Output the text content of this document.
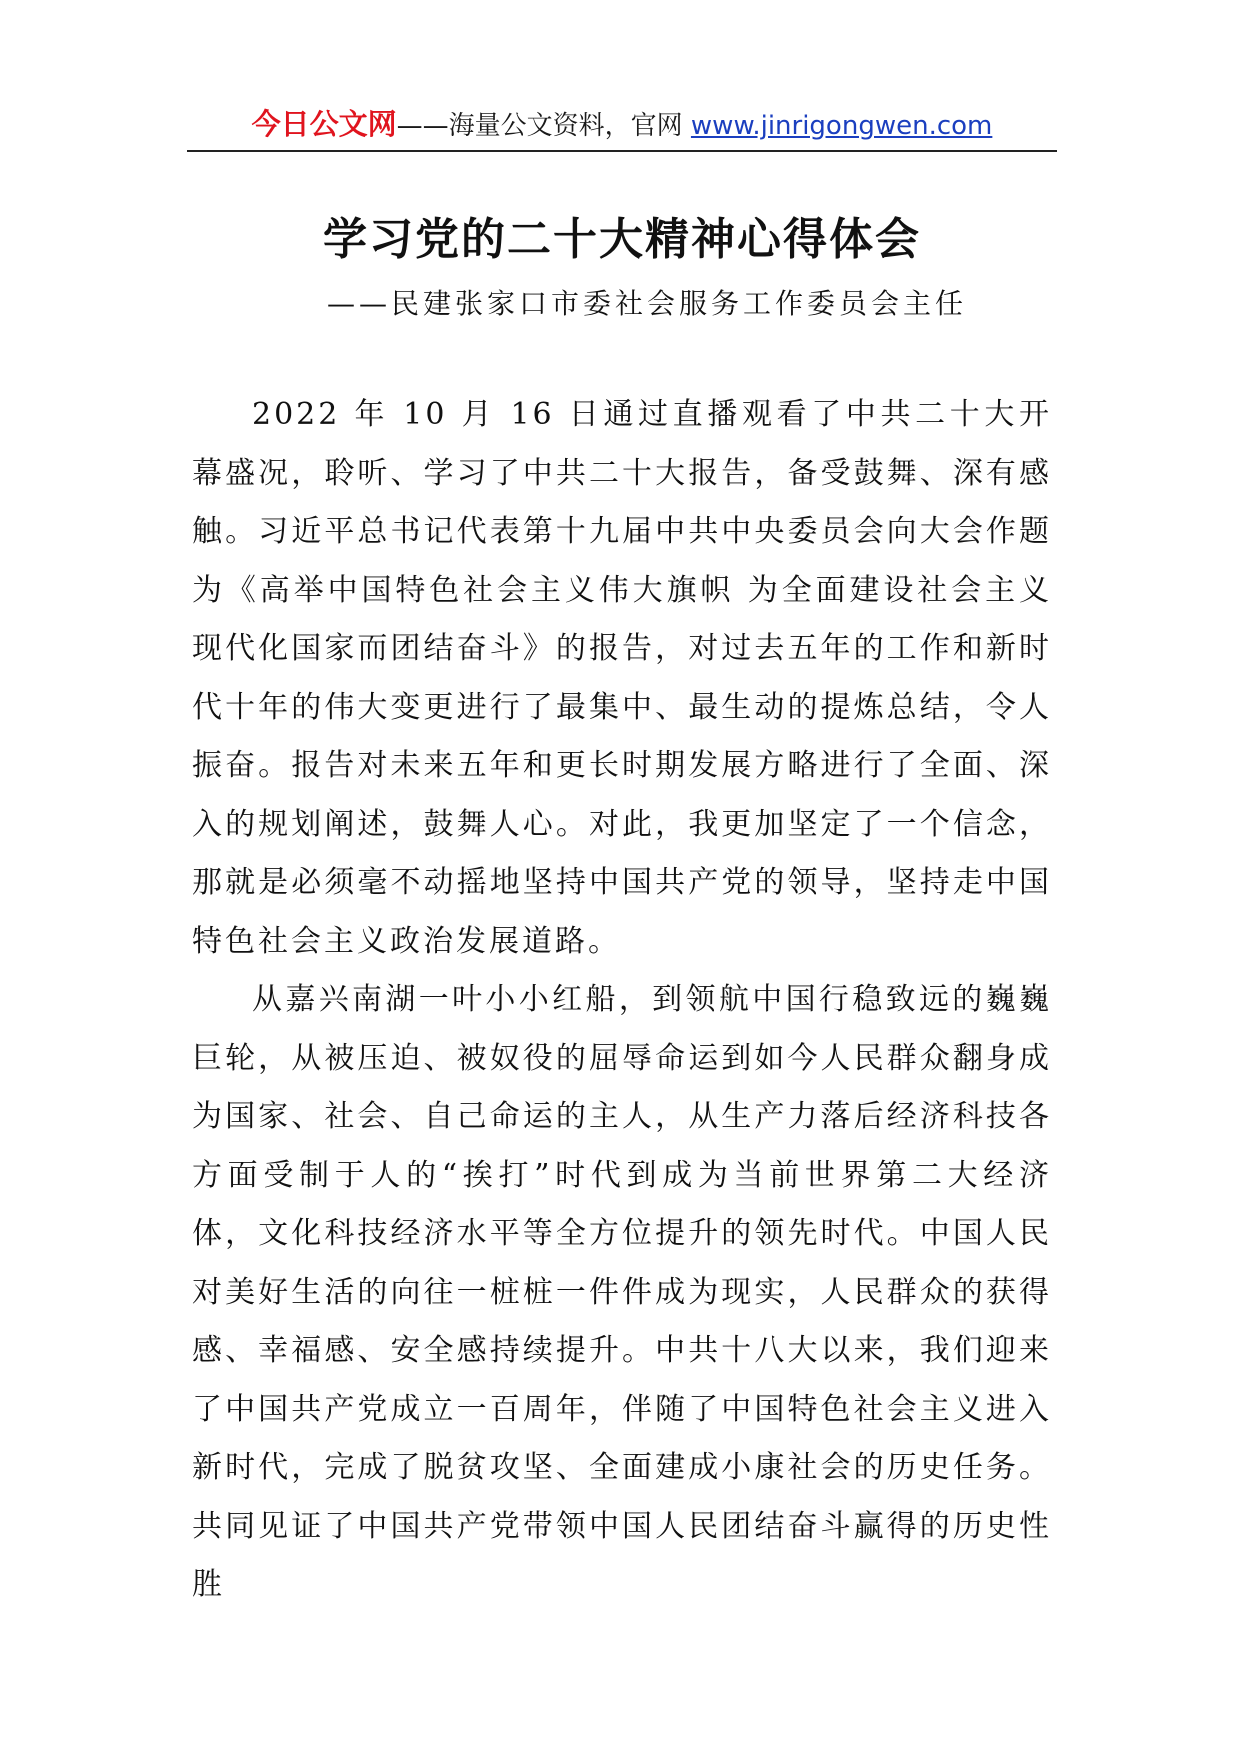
今日公文网——海量公文资料，官网 www.jinrigongwen.com
学习党的二十大精神心得体会
——民建张家口市委社会服务工作委员会主任

2022 年 10 月 16 日通过直播观看了中共二十大开幕盛况，聆听、学习了中共二十大报告，备受鼓舞、深有感触。习近平总书记代表第十九届中共中央委员会向大会作题为《高举中国特色社会主义伟大旗帜 为全面建设社会主义现代化国家而团结奋斗》的报告，对过去五年的工作和新时代十年的伟大变更进行了最集中、最生动的提炼总结，令人振奋。报告对未来五年和更长时期发展方略进行了全面、深入的规划阐述，鼓舞人心。对此，我更加坚定了一个信念，那就是必须毫不动摇地坚持中国共产党的领导，坚持走中国特色社会主义政治发展道路。

从嘉兴南湖一叶小小红船，到领航中国行稳致远的巍巍巨轮，从被压迫、被奴役的屈辱命运到如今人民群众翻身成为国家、社会、自己命运的主人，从生产力落后经济科技各方面受制于人的“挨打”时代到成为当前世界第二大经济体，文化科技经济水平等全方位提升的领先时代。中国人民对美好生活的向往一桩桩一件件成为现实，人民群众的获得感、幸福感、安全感持续提升。中共十八大以来，我们迎来了中国共产党成立一百周年，伴随了中国特色社会主义进入新时代，完成了脱贫攻坚、全面建成小康社会的历史任务。共同见证了中国共产党带领中国人民团结奋斗赢得的历史性胜
